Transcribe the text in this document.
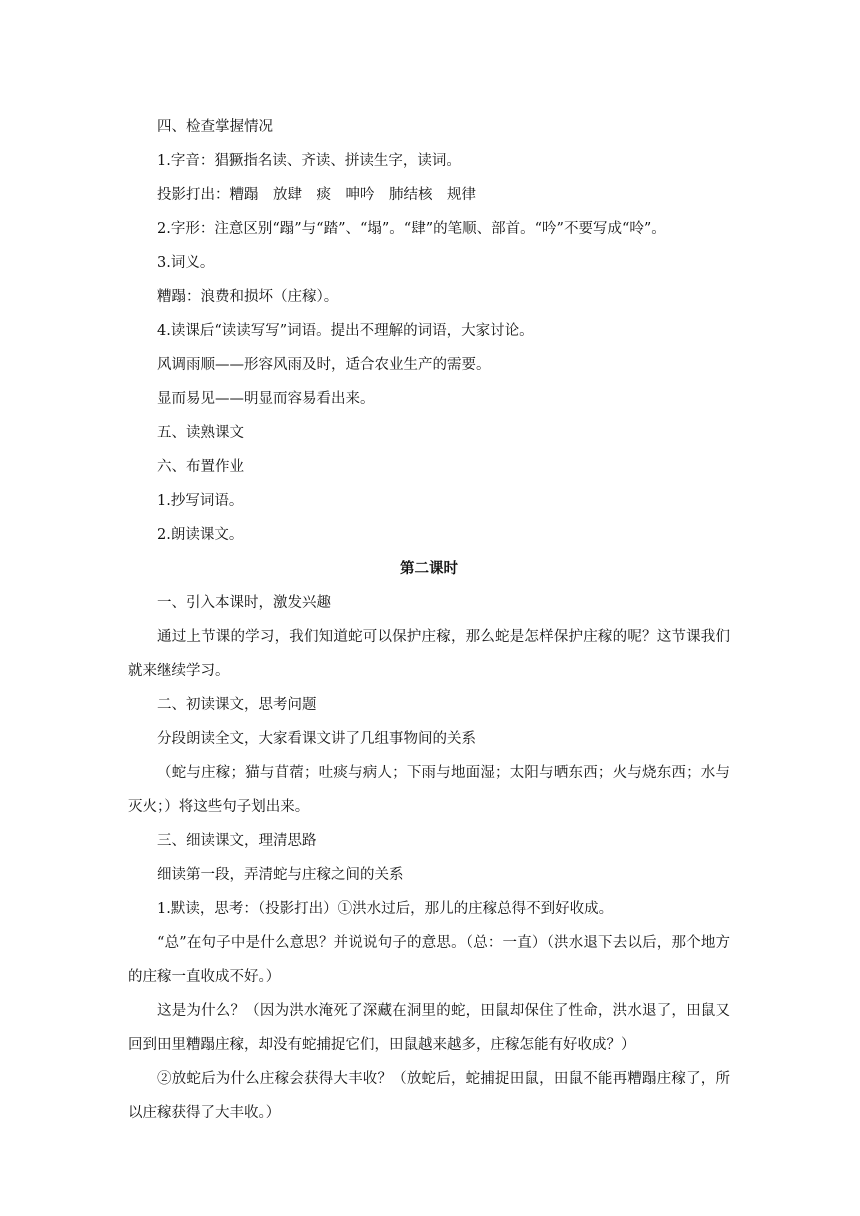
四、检查掌握情况

1.字音：猖獗指名读、齐读、拼读生字，读词。

投影打出：糟蹋　放肆　痰　呻吟　肺结核　规律

2.字形：注意区别“蹋”与“踏”、“塌”。“肆”的笔顺、部首。“吟”不要写成“呤”。

3.词义。

糟蹋：浪费和损坏（庄稼）。

4.读课后“读读写写”词语。提出不理解的词语，大家讨论。

风调雨顺——形容风雨及时，适合农业生产的需要。

显而易见——明显而容易看出来。

五、读熟课文

六、布置作业

1.抄写词语。

2.朗读课文。

第二课时

一、引入本课时，激发兴趣

通过上节课的学习，我们知道蛇可以保护庄稼，那么蛇是怎样保护庄稼的呢？这节课我们就来继续学习。

二、初读课文，思考问题

分段朗读全文，大家看课文讲了几组事物间的关系

（蛇与庄稼；猫与苜蓿；吐痰与病人；下雨与地面湿；太阳与晒东西；火与烧东西；水与灭火；）将这些句子划出来。

三、细读课文，理清思路

细读第一段，弄清蛇与庄稼之间的关系

1.默读，思考：（投影打出）①洪水过后，那儿的庄稼总得不到好收成。

“总”在句子中是什么意思？并说说句子的意思。（总：一直）（洪水退下去以后，那个地方的庄稼一直收成不好。）

这是为什么？（因为洪水淹死了深藏在洞里的蛇，田鼠却保住了性命，洪水退了，田鼠又回到田里糟蹋庄稼，却没有蛇捕捉它们，田鼠越来越多，庄稼怎能有好收成？）

②放蛇后为什么庄稼会获得大丰收？（放蛇后，蛇捕捉田鼠，田鼠不能再糟蹋庄稼了，所以庄稼获得了大丰收。）
